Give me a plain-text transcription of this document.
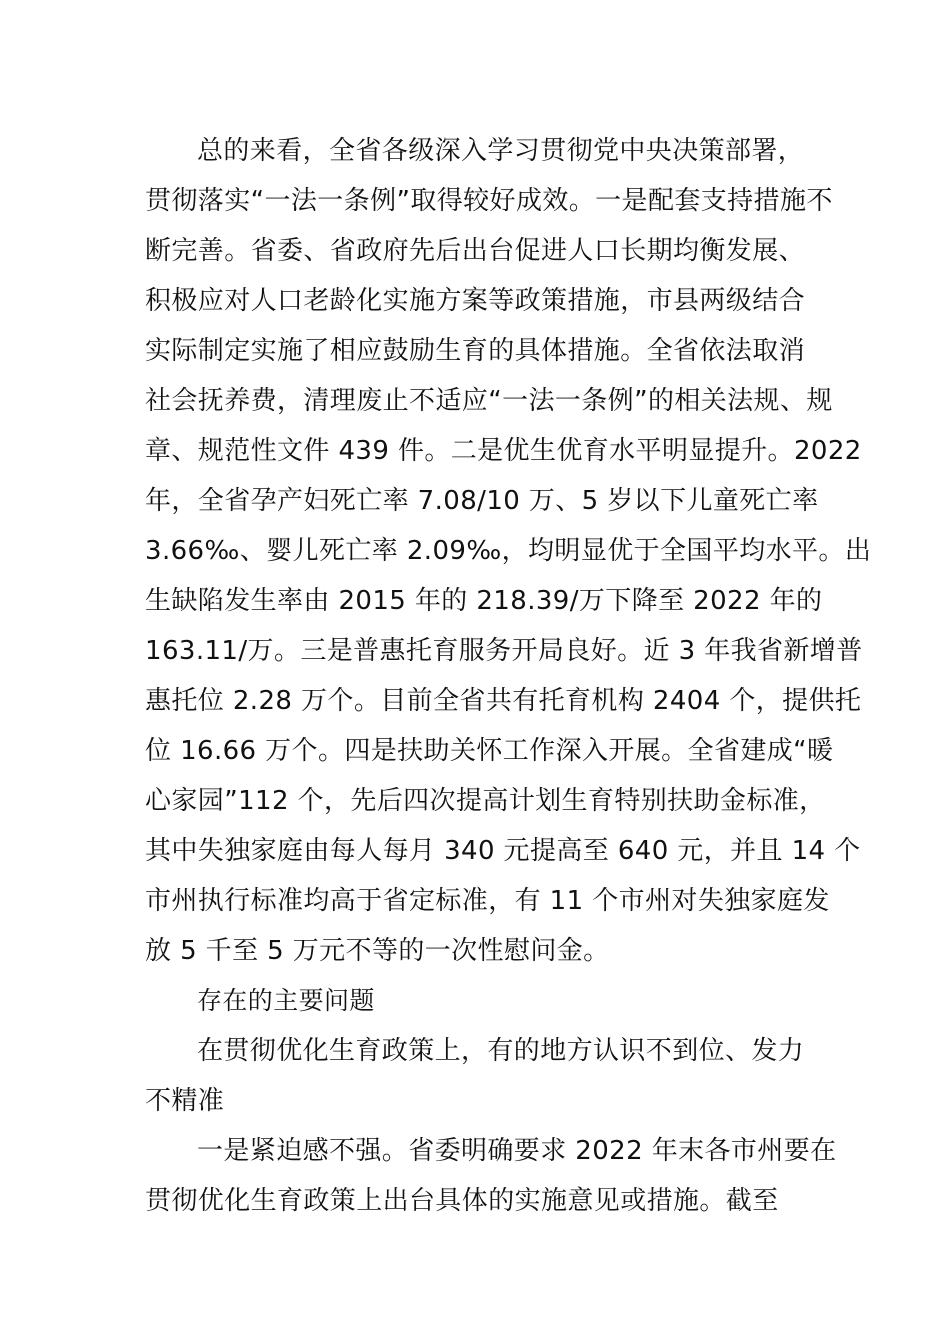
总的来看，全省各级深入学习贯彻党中央决策部署，
贯彻落实“一法一条例”取得较好成效。一是配套支持措施不
断完善。省委、省政府先后出台促进人口长期均衡发展、
积极应对人口老龄化实施方案等政策措施，市县两级结合
实际制定实施了相应鼓励生育的具体措施。全省依法取消
社会抚养费，清理废止不适应“一法一条例”的相关法规、规
章、规范性文件 439 件。二是优生优育水平明显提升。2022
年，全省孕产妇死亡率 7.08/10 万、5 岁以下儿童死亡率
3.66‰、婴儿死亡率 2.09‰，均明显优于全国平均水平。出
生缺陷发生率由 2015 年的 218.39/万下降至 2022 年的
163.11/万。三是普惠托育服务开局良好。近 3 年我省新增普
惠托位 2.28 万个。目前全省共有托育机构 2404 个，提供托
位 16.66 万个。四是扶助关怀工作深入开展。全省建成“暖
心家园”112 个，先后四次提高计划生育特别扶助金标准，
其中失独家庭由每人每月 340 元提高至 640 元，并且 14 个
市州执行标准均高于省定标准，有 11 个市州对失独家庭发
放 5 千至 5 万元不等的一次性慰问金。

存在的主要问题

在贯彻优化生育政策上，有的地方认识不到位、发力
不精准

一是紧迫感不强。省委明确要求 2022 年末各市州要在
贯彻优化生育政策上出台具体的实施意见或措施。截至
